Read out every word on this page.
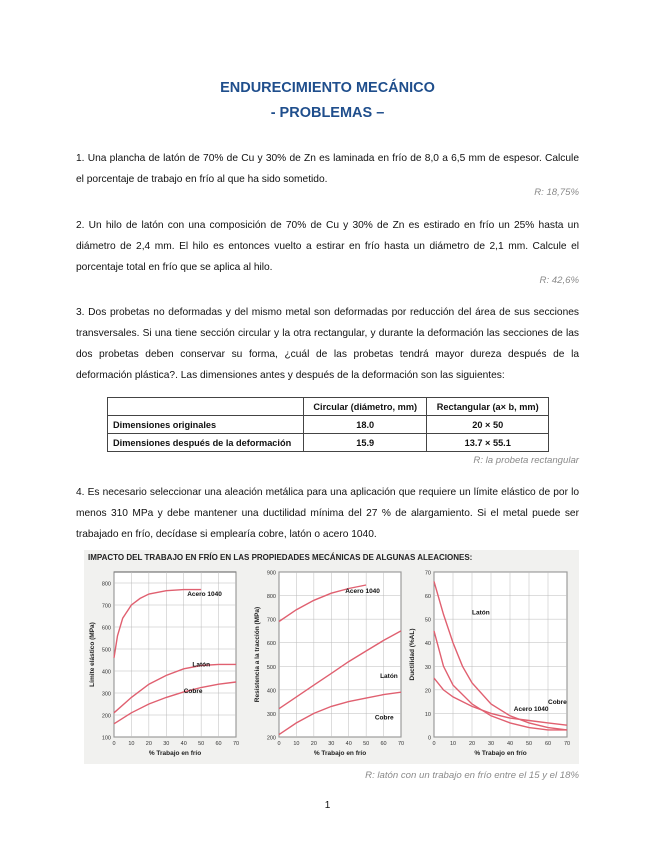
ENDURECIMIENTO MECÁNICO
- PROBLEMAS –
1. Una plancha de latón de 70% de Cu y 30% de Zn es laminada en frío de 8,0 a 6,5 mm de espesor. Calcule el porcentaje de trabajo en frío al que ha sido sometido.
R: 18,75%
2. Un hilo de latón con una composición de 70% de Cu y 30% de Zn es estirado en frío un 25% hasta un diámetro de 2,4 mm. El hilo es entonces vuelto a estirar en frío hasta un diámetro de 2,1 mm. Calcule el porcentaje total en frío que se aplica al hilo.
R: 42,6%
3. Dos probetas no deformadas y del mismo metal son deformadas por reducción del área de sus secciones transversales. Si una tiene sección circular y la otra rectangular, y durante la deformación las secciones de las dos probetas deben conservar su forma, ¿cuál de las probetas tendrá mayor dureza después de la deformación plástica?. Las dimensiones antes y después de la deformación son las siguientes:
	Circular (diámetro, mm)	Rectangular (a× b, mm)
Dimensiones originales	18.0	20 × 50
Dimensiones después de la deformación	15.9	13.7 × 55.1
R: la probeta rectangular
4. Es necesario seleccionar una aleación metálica para una aplicación que requiere un límite elástico de por lo menos 310 MPa y debe mantener una ductilidad mínima del 27 % de alargamiento. Si el metal puede ser trabajado en frío, decídase si emplearía cobre, latón o acero 1040.
IMPACTO DEL TRABAJO EN FRÍO EN LAS PROPIEDADES MECÁNICAS DE ALGUNAS ALEACIONES:
100
200
300
400
500
600
700
800
0 10 20 30 40 50 60 70
% Trabajo en frío
Límite elástico (MPa)
Acero 1040
Latón
Cobre
200
300
400
500
600
700
800
900
0 10 20 30 40 50 60 70
% Trabajo en frío
Resistencia a la tracción (MPa)
Acero 1040
Latón
Cobre
0
10
20
30
40
50
60
70
0	10 20 30 40 50 60 70
% Trabajo en frío
Ductilidad (%AL)
Latón
Acero 1040
Cobre
R: latón con un trabajo en frío entre el 15 y el 18%
1
